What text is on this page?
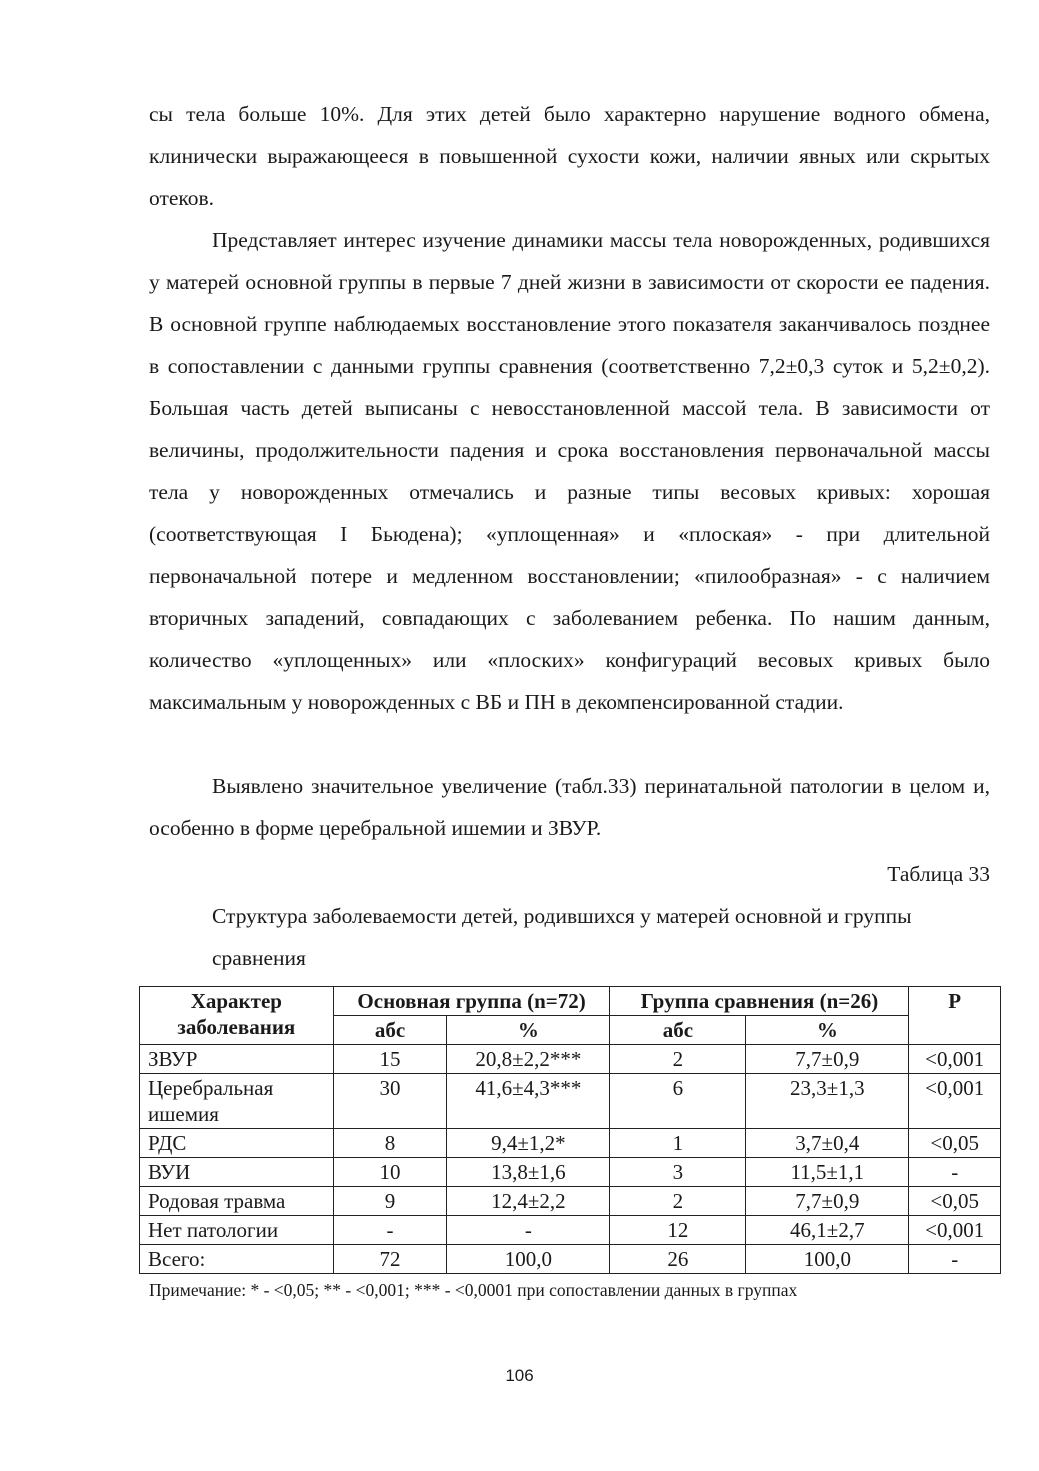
сы тела больше 10%. Для этих детей было характерно нарушение водного обмена, клинически выражающееся в повышенной сухости кожи, наличии явных или скрытых отеков.

Представляет интерес изучение динамики массы тела новорожденных, родившихся у матерей основной группы в первые 7 дней жизни в зависимости от скорости ее падения. В основной группе наблюдаемых восстановление этого показателя заканчивалось позднее в сопоставлении с данными группы сравнения (соответственно 7,2±0,3 суток и 5,2±0,2). Большая часть детей выписаны с невосстановленной массой тела. В зависимости от величины, продолжительности падения и срока восстановления первоначальной массы тела у новорожденных отмечались и разные типы весовых кривых: хорошая (соответствующая I Бьюдена); «уплощенная» и «плоская» - при длительной первоначальной потере и медленном восстановлении; «пилообразная» - с наличием вторичных западений, совпадающих с заболеванием ребенка. По нашим данным, количество «уплощенных» или «плоских» конфигураций весовых кривых было максимальным у новорожденных с ВБ и ПН в декомпенсированной стадии.

Выявлено значительное увеличение (табл.33) перинатальной патологии в целом и, особенно в форме церебральной ишемии и ЗВУР.

Таблица 33
Структура заболеваемости детей, родившихся у матерей основной и группы сравнения
Характер заболевания	Основная группа (n=72)		Группа сравнения (n=26)		Р
	абс	%	абс	%	
ЗВУР	15	20,8±2,2***	2	7,7±0,9	<0,001
Церебральная ишемия	30	41,6±4,3***	6	23,3±1,3	<0,001
РДС	8	9,4±1,2*	1	3,7±0,4	<0,05
ВУИ	10	13,8±1,6	3	11,5±1,1	-
Родовая травма	9	12,4±2,2	2	7,7±0,9	<0,05
Нет патологии	-	-	12	46,1±2,7	<0,001
Всего:	72	100,0	26	100,0	-
Примечание: * - <0,05; ** - <0,001; *** - <0,0001 при сопоставлении данных в группах
106
